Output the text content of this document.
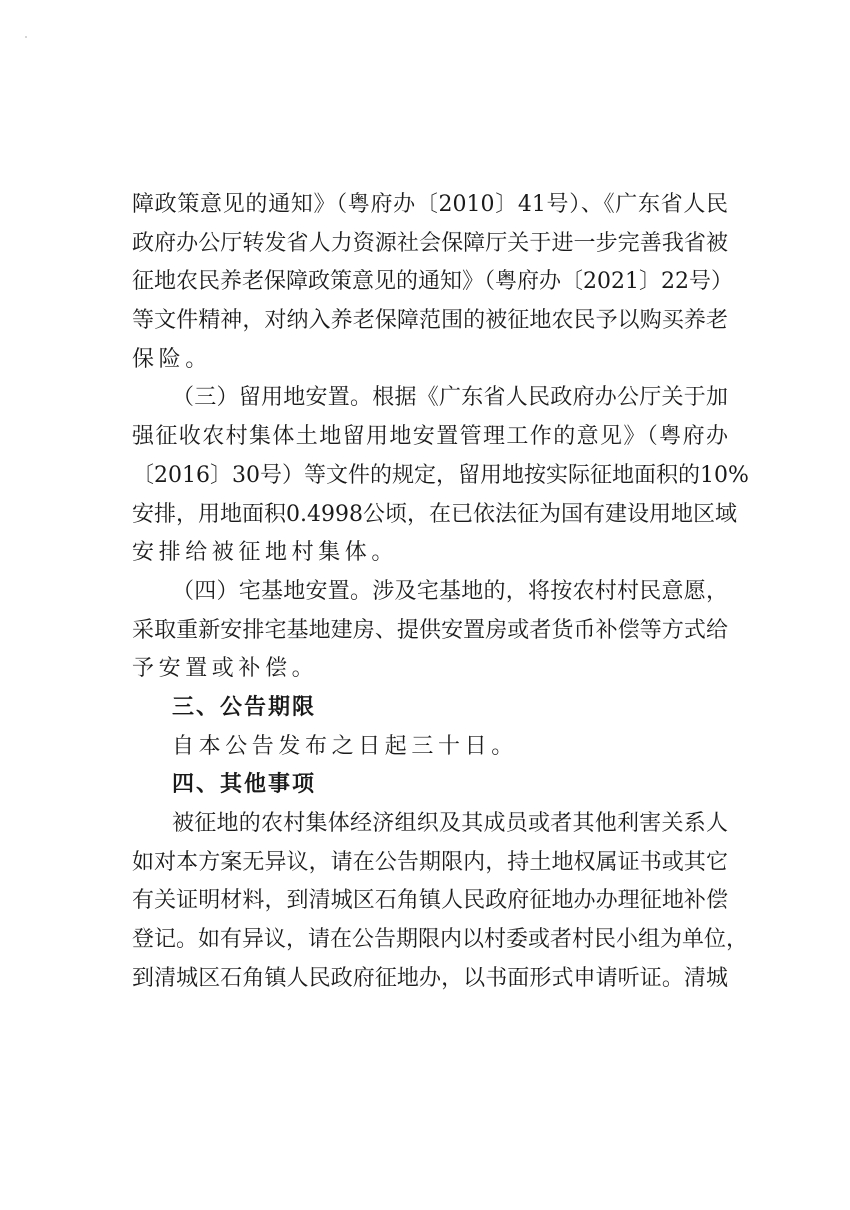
障政策意见的通知》（粤府办〔2010〕41号）、《广东省人民
政府办公厅转发省人力资源社会保障厅关于进一步完善我省被
征地农民养老保障政策意见的通知》（粤府办〔2021〕22号）
等文件精神，对纳入养老保障范围的被征地农民予以购买养老
保险。
（三）留用地安置。根据《广东省人民政府办公厅关于加
强征收农村集体土地留用地安置管理工作的意见》（粤府办
〔2016〕30号）等文件的规定，留用地按实际征地面积的10%
安排，用地面积0.4998公顷，在已依法征为国有建设用地区域
安排给被征地村集体。
（四）宅基地安置。涉及宅基地的，将按农村村民意愿，
采取重新安排宅基地建房、提供安置房或者货币补偿等方式给
予安置或补偿。
三、公告期限
自本公告发布之日起三十日。
四、其他事项
被征地的农村集体经济组织及其成员或者其他利害关系人
如对本方案无异议，请在公告期限内，持土地权属证书或其它
有关证明材料，到清城区石角镇人民政府征地办办理征地补偿
登记。如有异议，请在公告期限内以村委或者村民小组为单位，
到清城区石角镇人民政府征地办，以书面形式申请听证。清城
